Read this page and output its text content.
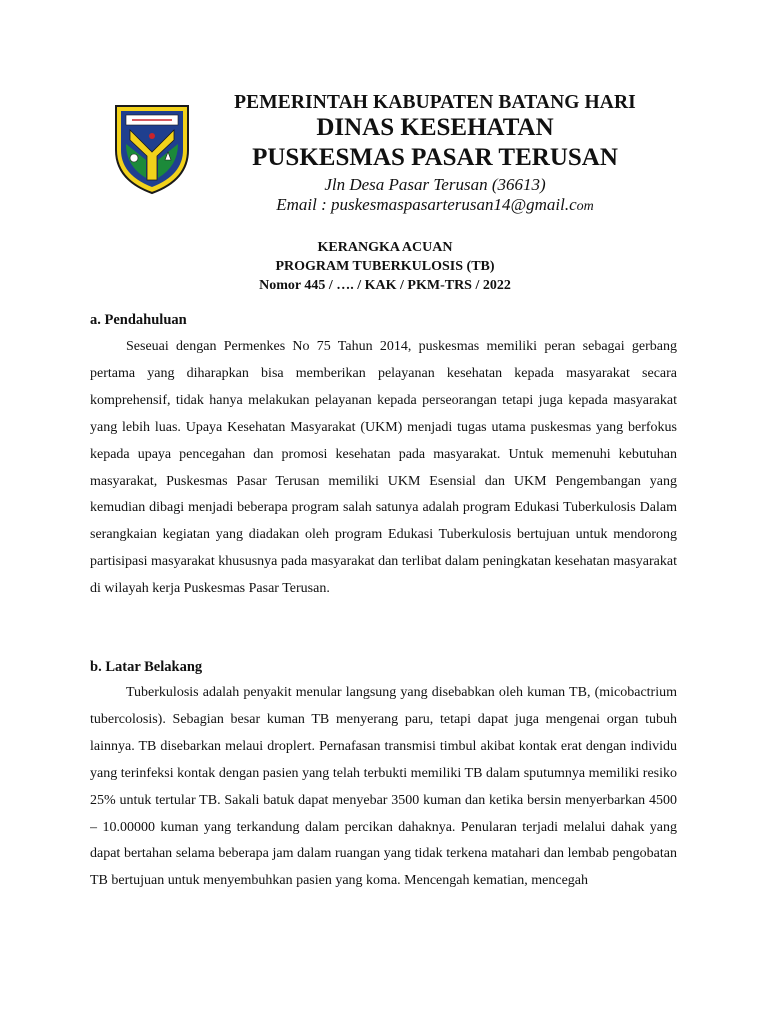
PEMERINTAH KABUPATEN BATANG HARI
DINAS KESEHATAN
PUSKESMAS PASAR TERUSAN
Jln Desa Pasar Terusan (36613)
Email : puskesmaspasarterusan14@gmail.com
KERANGKA ACUAN
PROGRAM TUBERKULOSIS (TB)
Nomor 445 / …. / KAK / PKM-TRS / 2022
a. Pendahuluan

Seseuai dengan Permenkes No 75 Tahun 2014, puskesmas memiliki peran sebagai gerbang pertama yang diharapkan bisa memberikan pelayanan kesehatan kepada masyarakat secara komprehensif, tidak hanya melakukan pelayanan kepada perseorangan tetapi juga kepada masyarakat yang lebih luas. Upaya Kesehatan Masyarakat (UKM) menjadi tugas utama puskesmas yang berfokus kepada upaya pencegahan dan promosi kesehatan pada masyarakat. Untuk memenuhi kebutuhan masyarakat, Puskesmas Pasar Terusan memiliki UKM Esensial dan UKM Pengembangan yang kemudian dibagi menjadi beberapa program salah satunya adalah program Edukasi Tuberkulosis Dalam serangkaian kegiatan yang diadakan oleh program Edukasi Tuberkulosis bertujuan untuk mendorong partisipasi masyarakat khususnya pada masyarakat dan terlibat dalam peningkatan kesehatan masyarakat di wilayah kerja Puskesmas Pasar Terusan.

b. Latar Belakang

Tuberkulosis adalah penyakit menular langsung yang disebabkan oleh kuman TB, (micobactrium tubercolosis). Sebagian besar kuman TB menyerang paru, tetapi dapat juga mengenai organ tubuh lainnya. TB disebarkan melaui droplert. Pernafasan transmisi timbul akibat kontak erat dengan individu yang terinfeksi kontak dengan pasien yang telah terbukti memiliki TB dalam sputumnya memiliki resiko 25% untuk tertular TB. Sakali batuk dapat menyebar 3500 kuman dan ketika bersin menyerbarkan 4500 – 10.00000 kuman yang terkandung dalam percikan dahaknya. Penularan terjadi melalui dahak yang dapat bertahan selama beberapa jam dalam ruangan yang tidak terkena matahari dan lembab pengobatan TB bertujuan untuk menyembuhkan pasien yang koma. Mencengah kematian, mencegah
